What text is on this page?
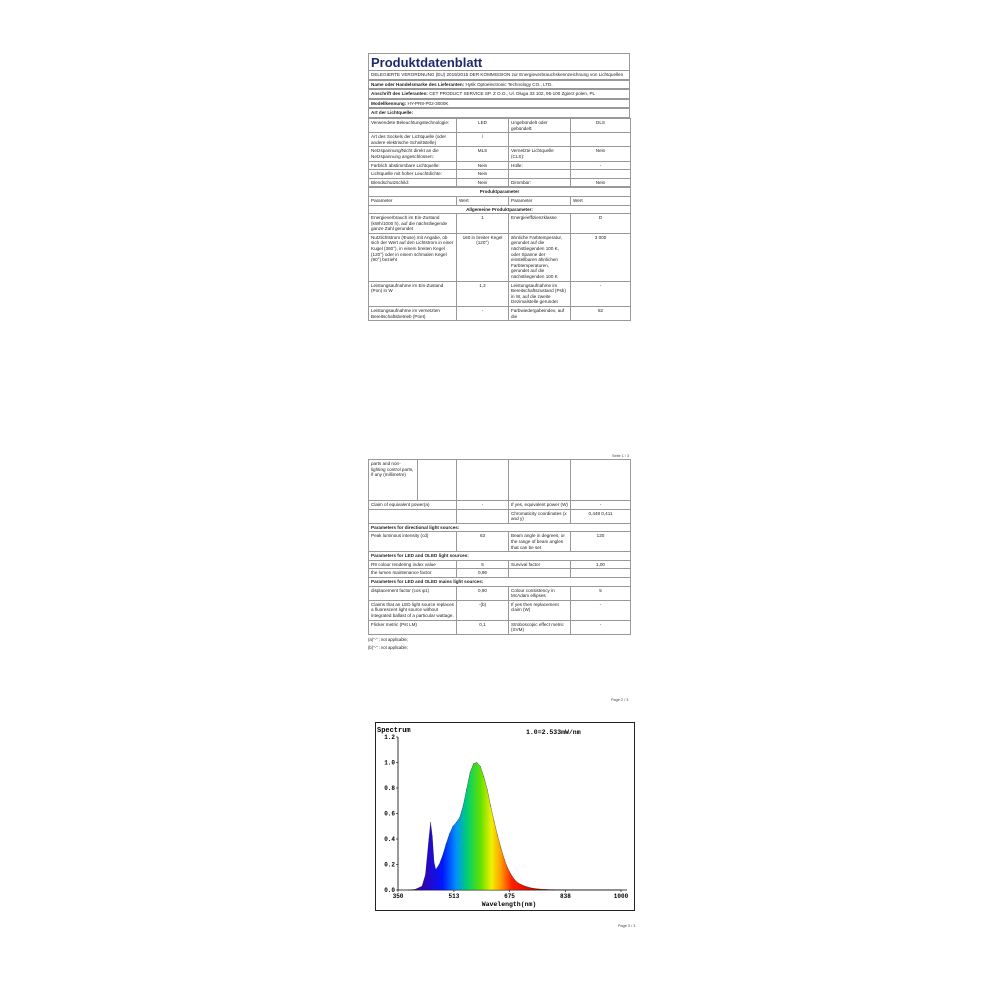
Produktdatenblatt
DELEGIERTE VERORDNUNG (EU) 2019/2015 DER KOMMISSION zur Energieverbrauchskennzeichnung von Lichtquellen
Name oder Handelsmarke des Lieferanten: Hytik Optoelectronic Technology CO., LTD.
Anschrift des Lieferanten: CET PRODUCT SERVICE SP. Z O.O., Ul. Długa 33 102, 95-100 Zgierz polen, PL
Modellkennung: HY-PR8-P02-3000K
Art der Lichtquelle:
Verwendete Beleuchtungstechnologie:	LED	Ungebündelt oder gebündelt:	DLS
Art des Sockels der Lichtquelle (oder andere elektrische Schnittstelle)	/		
Netzspannung/Nicht direkt an die Netzspannung angeschlossen:	MLS	Vernetzte Lichtquelle (CLS):	Nein
Farblich abstimmbare Lichtquelle:	Nein	Hülle:	-
Lichtquelle mit hoher Leuchtdichte:	Nein		
Blendschutzschild:	Nein	Dimmbar:	Nein
Produktparameter			
Parameter	Wert	Parameter	Wert
Allgemeine Produktparameter:			
Energieverbrauch im Ein-Zustand (kWh/1000 h), auf die nächstliegende ganze Zahl gerundet	1	Energieeffizienzklasse	D
Nutzlichtstrom (Φuse) mit Angabe, ob sich der Wert auf den Lichtstrom in einer Kugel (360°), in einem breiten Kegel (120°) oder in einem schmalen Kegel (90°) bezieht	160 in breiter Kegel (120°)	ähnliche Farbtemperatur, gerundet auf die nächstliegenden 100 K, oder Spanne der einstellbaren ähnlichen Farbtemperaturen, gerundet auf die nächstliegenden 100 K	3 000
Leistungsaufnahme im Ein-Zustand (Pon) in W	1,2	Leistungsaufnahme im Bereitschaftszustand (Psb) in W, auf die zweite Dezimalstelle gerundet	-
Leistungsaufnahme im vernetzten Bereitschaftsbetrieb (Pnet)	-	Farbwiedergabeindex, auf die	82
Seite 1 / 3
parts and non-lighting control parts, if any (millimetre)			

Claim of equivalent power(a)	-	If yes, equivalent power (W)	-
		Chromaticity coordinates (x and y)	0,448 0,411
Parameters for directional light sources:			
Peak luminous intensity (cd)	63	Beam angle in degrees, or the range of beam angles that can be set	120
Parameters for LED and OLED light sources:			
R9 colour rendering index value	5	Survival factor	1,00
the lumen maintenance factor	0,96		
Parameters for LED and OLED mains light sources:			
displacement factor (cos φ1)	0,90	Colour consistency in McAdam ellipses	5
Claims that an LED light source replaces a fluorescent light source without integrated ballast of a particular wattage.	-(b)	If yes then replacement claim (W)	-
Flicker metric (Pst LM)	0,1	Stroboscopic effect metric (SVM)	-
(a)"-" : not applicable;
(b)"-" : not applicable;
Page 2 / 3
Spectrum	1.0=2.533mW/nm
Wavelength(nm)
0.0
0.2
0.4
0.6
0.8
1.0
1.2
350	513	675	838	1000
Page 3 / 3
